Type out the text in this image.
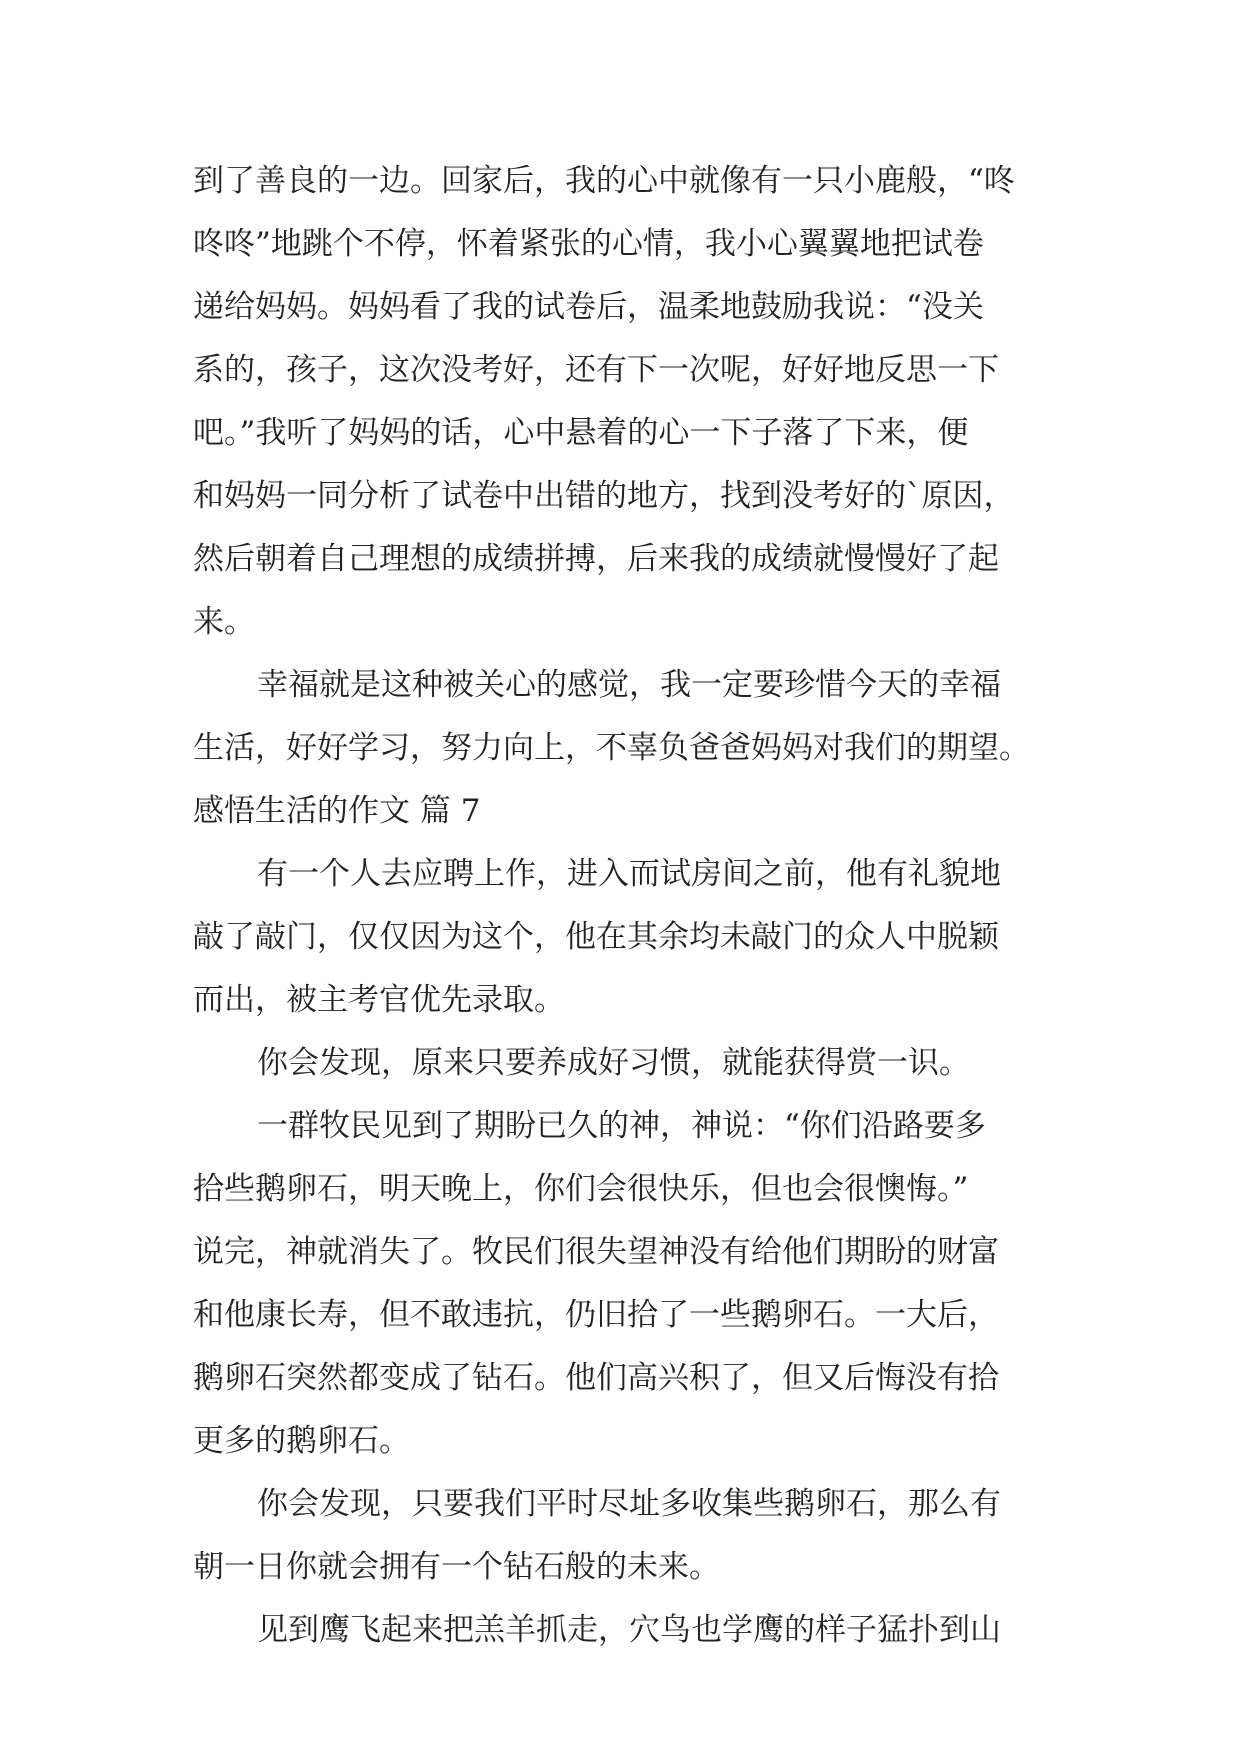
到了善良的一边。回家后，我的心中就像有一只小鹿般，“咚
咚咚”地跳个不停，怀着紧张的心情，我小心翼翼地把试卷
递给妈妈。妈妈看了我的试卷后，温柔地鼓励我说：“没关
系的，孩子，这次没考好，还有下一次呢，好好地反思一下
吧。”我听了妈妈的话，心中悬着的心一下子落了下来，便
和妈妈一同分析了试卷中出错的地方，找到没考好的`原因，
然后朝着自己理想的成绩拼搏，后来我的成绩就慢慢好了起
来。
幸福就是这种被关心的感觉，我一定要珍惜今天的幸福
生活，好好学习，努力向上，不辜负爸爸妈妈对我们的期望。
感悟生活的作文 篇 7
有一个人去应聘上作，进入而试房间之前，他有礼貌地
敲了敲门，仅仅因为这个，他在其余均未敲门的众人中脱颖
而出，被主考官优先录取。
你会发现，原来只要养成好习惯，就能获得赏一识。
一群牧民见到了期盼已久的神，神说：“你们沿路要多
拾些鹅卵石，明天晚上，你们会很快乐，但也会很懊悔。”
说完，神就消失了。牧民们很失望神没有给他们期盼的财富
和他康长寿，但不敢违抗，仍旧拾了一些鹅卵石。一大后，
鹅卵石突然都变成了钻石。他们高兴积了，但又后悔没有拾
更多的鹅卵石。
你会发现，只要我们平时尽址多收集些鹅卵石，那么有
朝一日你就会拥有一个钻石般的未来。
见到鹰飞起来把羔羊抓走，穴鸟也学鹰的样子猛扑到山
